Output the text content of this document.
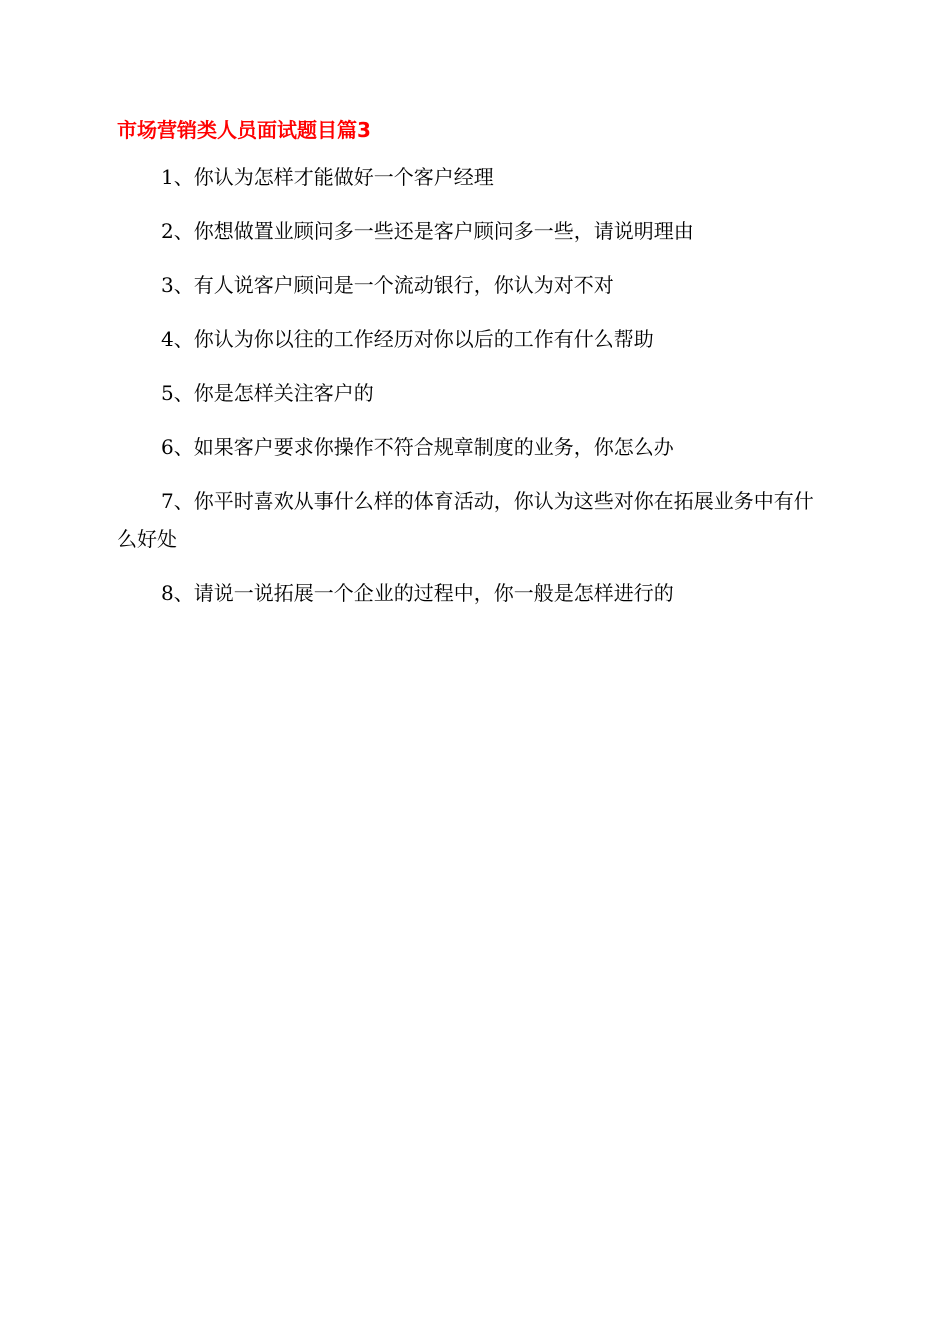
市场营销类人员面试题目篇3

1、你认为怎样才能做好一个客户经理

2、你想做置业顾问多一些还是客户顾问多一些，请说明理由

3、有人说客户顾问是一个流动银行，你认为对不对

4、你认为你以往的工作经历对你以后的工作有什么帮助

5、你是怎样关注客户的

6、如果客户要求你操作不符合规章制度的业务，你怎么办

7、你平时喜欢从事什么样的体育活动，你认为这些对你在拓展业务中有什么好处

8、请说一说拓展一个企业的过程中，你一般是怎样进行的
